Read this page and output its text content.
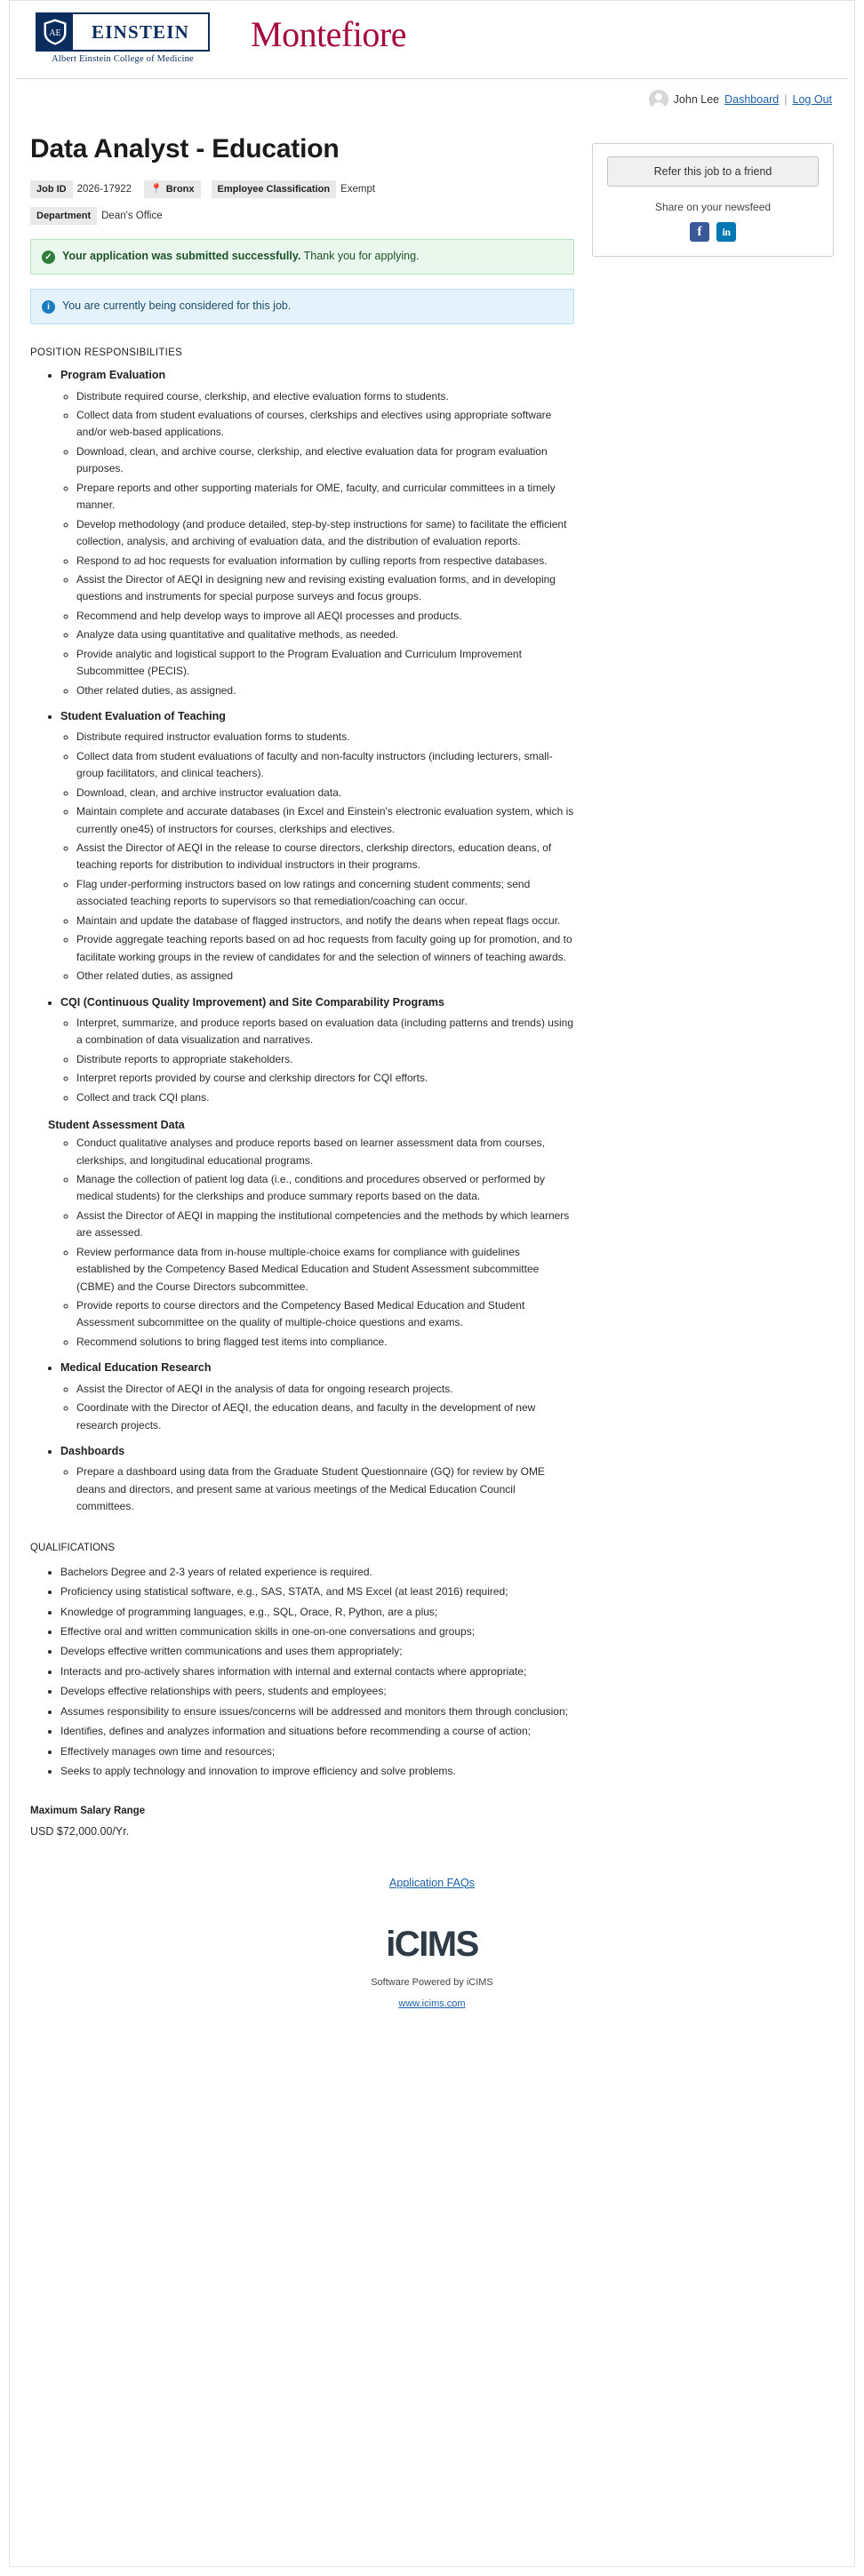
AE	EINSTEIN
Albert Einstein College of Medicine
Montefiore
John Lee Dashboard | Log Out
Data Analyst - Education
Job ID	2026-17922 📍 Bronx	Employee Classification	Exempt
Department	Dean's Office
✓ Your application was submitted successfully. Thank you for applying.
i	You are currently being considered for this job.
POSITION RESPONSIBILITIES
• Program Evaluation
◦ Distribute required course, clerkship, and elective evaluation forms to students.
◦ Collect data from student evaluations of courses, clerkships and electives using appropriate software and/or web-based applications.
◦ Download, clean, and archive course, clerkship, and elective evaluation data for program evaluation purposes.
◦ Prepare reports and other supporting materials for OME, faculty, and curricular committees in a timely manner.
◦ Develop methodology (and produce detailed, step-by-step instructions for same) to facilitate the efficient collection, analysis, and archiving of evaluation data, and the distribution of evaluation reports.
◦ Respond to ad hoc requests for evaluation information by culling reports from respective databases.
◦ Assist the Director of AEQI in designing new and revising existing evaluation forms, and in developing questions and instruments for special purpose surveys and focus groups.
◦ Recommend and help develop ways to improve all AEQI processes and products.
◦ Analyze data using quantitative and qualitative methods, as needed.
◦ Provide analytic and logistical support to the Program Evaluation and Curriculum Improvement Subcommittee (PECIS).
◦ Other related duties, as assigned.
• Student Evaluation of Teaching
◦ Distribute required instructor evaluation forms to students.
◦ Collect data from student evaluations of faculty and non-faculty instructors (including lecturers, small-group facilitators, and clinical teachers).
◦ Download, clean, and archive instructor evaluation data.
◦ Maintain complete and accurate databases (in Excel and Einstein's electronic evaluation system, which is currently one45) of instructors for courses, clerkships and electives.
◦ Assist the Director of AEQI in the release to course directors, clerkship directors, education deans, of teaching reports for distribution to individual instructors in their programs.
◦ Flag under-performing instructors based on low ratings and concerning student comments; send associated teaching reports to supervisors so that remediation/coaching can occur.
◦ Maintain and update the database of flagged instructors, and notify the deans when repeat flags occur.
◦ Provide aggregate teaching reports based on ad hoc requests from faculty going up for promotion, and to facilitate working groups in the review of candidates for and the selection of winners of teaching awards.
◦ Other related duties, as assigned
• CQI (Continuous Quality Improvement) and Site Comparability Programs
◦ Interpret, summarize, and produce reports based on evaluation data (including patterns and trends) using a combination of data visualization and narratives.
◦ Distribute reports to appropriate stakeholders.
◦ Interpret reports provided by course and clerkship directors for CQI efforts.
◦ Collect and track CQI plans.
Student Assessment Data
◦ Conduct qualitative analyses and produce reports based on learner assessment data from courses, clerkships, and longitudinal educational programs.
◦ Manage the collection of patient log data (i.e., conditions and procedures observed or performed by medical students) for the clerkships and produce summary reports based on the data.
◦ Assist the Director of AEQI in mapping the institutional competencies and the methods by which learners are assessed.
◦ Review performance data from in-house multiple-choice exams for compliance with guidelines established by the Competency Based Medical Education and Student Assessment subcommittee (CBME) and the Course Directors subcommittee.
◦ Provide reports to course directors and the Competency Based Medical Education and Student Assessment subcommittee on the quality of multiple-choice questions and exams.
◦ Recommend solutions to bring flagged test items into compliance.
• Medical Education Research
◦ Assist the Director of AEQI in the analysis of data for ongoing research projects.
◦ Coordinate with the Director of AEQI, the education deans, and faculty in the development of new research projects.
• Dashboards
◦ Prepare a dashboard using data from the Graduate Student Questionnaire (GQ) for review by OME deans and directors, and present same at various meetings of the Medical Education Council committees.
QUALIFICATIONS
• Bachelors Degree and 2-3 years of related experience is required.
• Proficiency using statistical software, e.g., SAS, STATA, and MS Excel (at least 2016) required;
• Knowledge of programming languages, e.g., SQL, Orace, R, Python, are a plus;
• Effective oral and written communication skills in one-on-one conversations and groups;
• Develops effective written communications and uses them appropriately;
• Interacts and pro-actively shares information with internal and external contacts where appropriate;
• Develops effective relationships with peers, students and employees;
• Assumes responsibility to ensure issues/concerns will be addressed and monitors them through conclusion;
• Identifies, defines and analyzes information and situations before recommending a course of action;
• Effectively manages own time and resources;
• Seeks to apply technology and innovation to improve efficiency and solve problems.
Maximum Salary Range
USD $72,000.00/Yr.
Refer this job to a friend
Share on your newsfeed
f	in
Application FAQs
iCIMS
Software Powered by iCIMS
www.icims.com
